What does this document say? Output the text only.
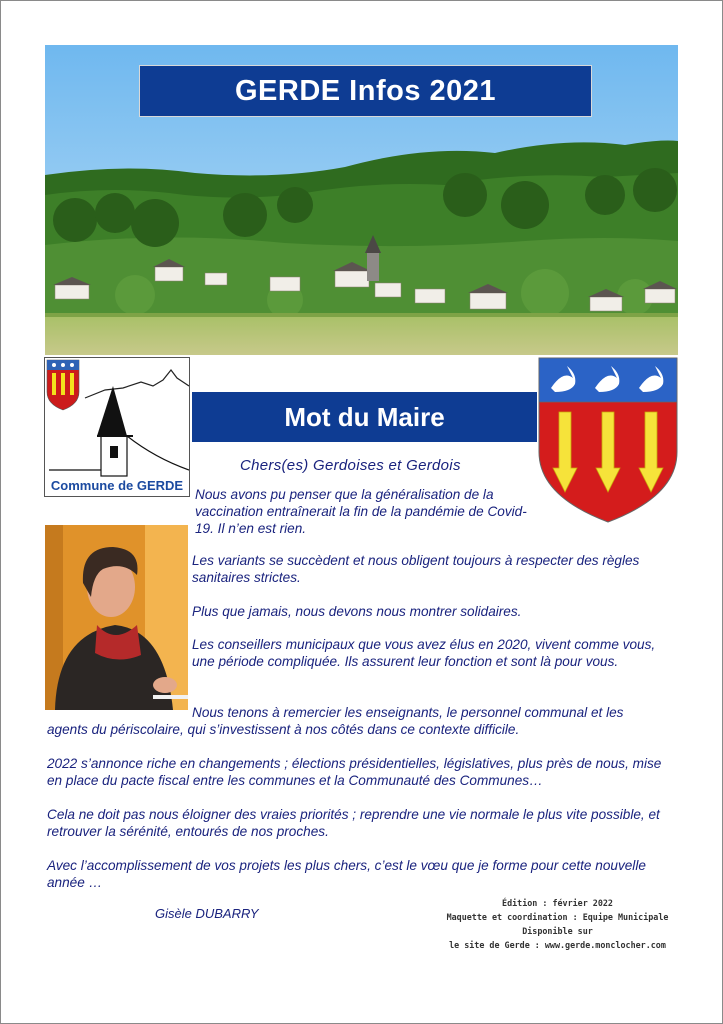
GERDE Infos 2021
Commune de GERDE
Mot du Maire
Chers(es) Gerdoises et Gerdois

Nous avons pu penser que la généralisation de la vaccination entraînerait la fin de la pandémie de Covid-19. Il n’en est rien.

Les variants se succèdent et nous obligent toujours à respecter des règles sanitaires strictes.

Plus que jamais, nous devons nous montrer solidaires.

Les conseillers municipaux que vous avez élus en 2020, vivent comme vous, une période compliquée. Ils assurent leur fonction et sont là pour vous.

Nous tenons à remercier les enseignants, le personnel communal et les

agents du périscolaire, qui s’investissent à nos côtés dans ce contexte difficile.

2022 s’annonce riche en changements ; élections présidentielles, législatives, plus près de nous, mise en place du pacte fiscal entre les communes et la Communauté des Communes…

Cela ne doit pas nous éloigner des vraies priorités ; reprendre une vie normale le plus vite possible, et retrouver la sérénité, entourés de nos proches.

Avec l’accomplissement de vos projets les plus chers, c’est le vœu que je forme pour cette nouvelle année …

Gisèle DUBARRY
Édition : février 2022
Maquette et coordination : Equipe Municipale
Disponible sur
le site de Gerde : www.gerde.monclocher.com
